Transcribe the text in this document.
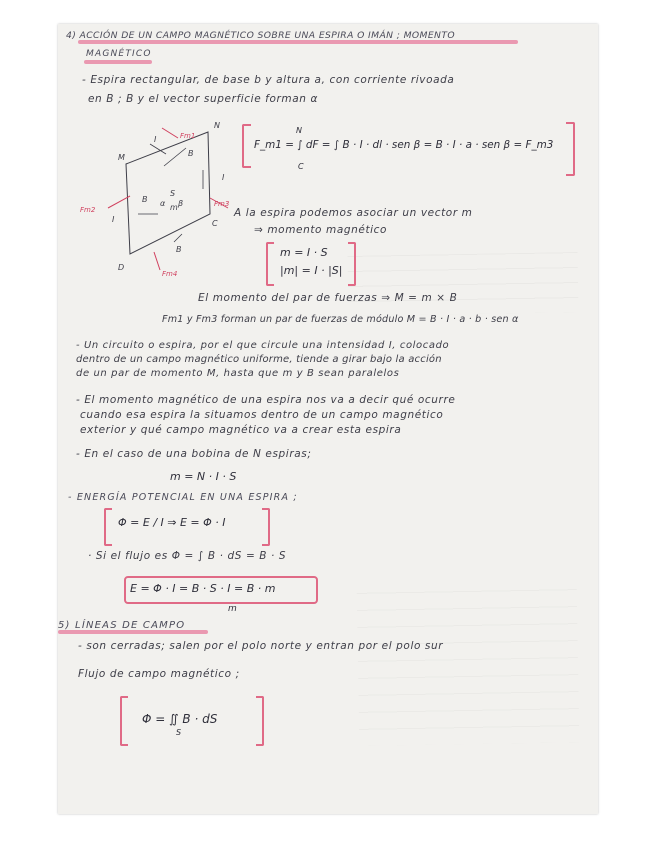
4) ACCIÓN DE UN CAMPO MAGNÉTICO SOBRE UNA ESPIRA O IMÁN ; MOMENTO
MAGNÉTICO
- Espira rectangular, de base b y altura a, con corriente rivoada
en B ; B y el vector superficie forman α
N
M
C
D
I
I
I
B
B
B
S
m
α β
Fm1
Fm2
Fm3
Fm4
N
F_m1 = ∫ dF = ∫ B · I · dl · sen β = B · I · a · sen β = F_m3
C
A la espira podemos asociar un vector m
⇒ momento magnético
m = I · S
|m| = I · |S|
El momento del par de fuerzas ⇒ M = m × B
Fm1 y Fm3 forman un par de fuerzas de módulo M = B · I · a · b · sen α
- Un circuito o espira, por el que circule una intensidad I, colocado
dentro de un campo magnético uniforme, tiende a girar bajo la acción
de un par de momento M, hasta que m y B sean paralelos
- El momento magnético de una espira nos va a decir qué ocurre
cuando esa espira la situamos dentro de un campo magnético
exterior y qué campo magnético va a crear esta espira
- En el caso de una bobina de N espiras;
m = N · I · S
- ENERGÍA POTENCIAL EN UNA ESPIRA ;
Φ = E / I ⇒ E = Φ · I
· Si el flujo es Φ = ∫ B · dS = B · S
E = Φ · I = B · S · I = B · m
m
5) LÍNEAS DE CAMPO
- son cerradas; salen por el polo norte y entran por el polo sur
Flujo de campo magnético ;
Φ = ∬ B · dS
S
